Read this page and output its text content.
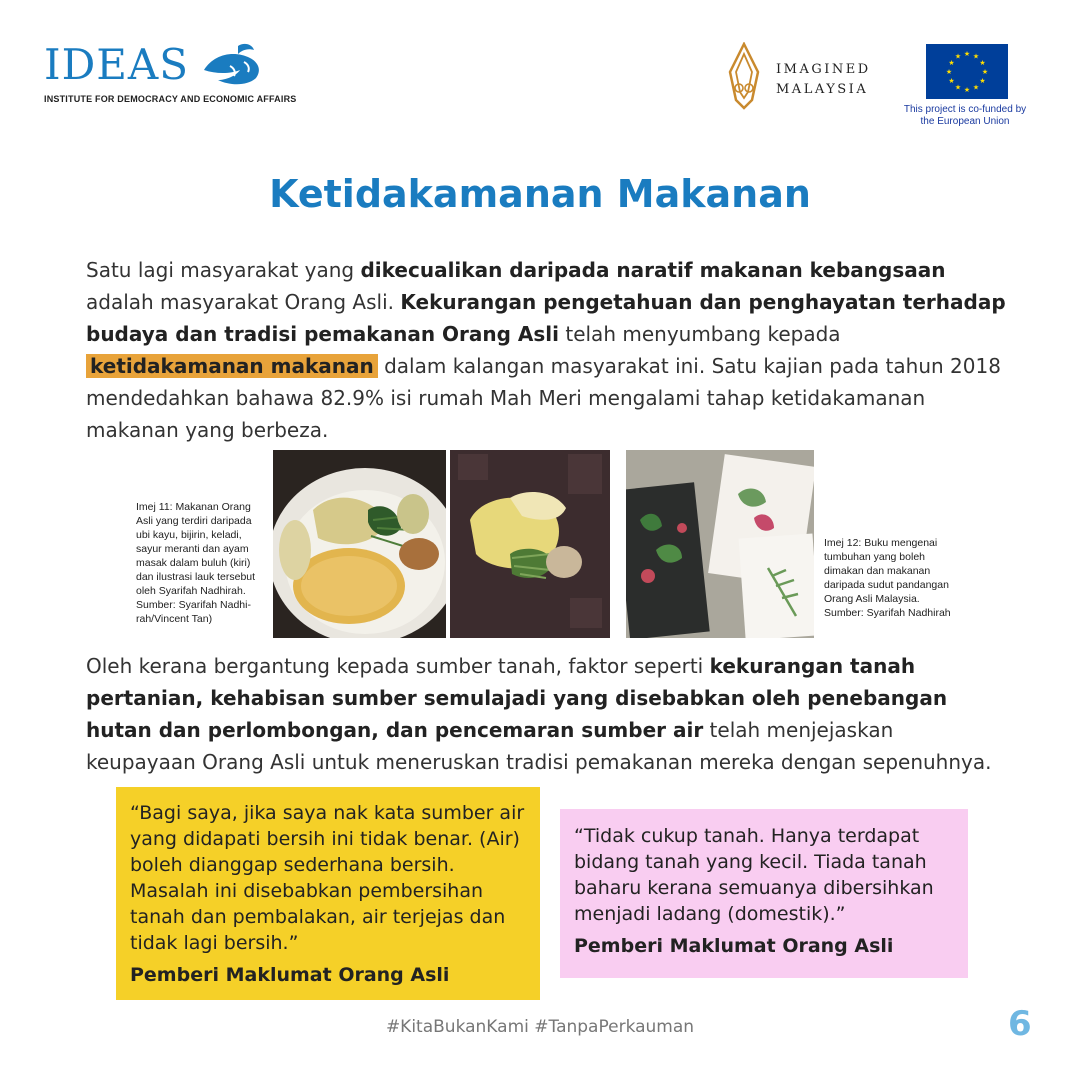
IDEAS
INSTITUTE FOR DEMOCRACY AND ECONOMIC AFFAIRS
IMAGINED
MALAYSIA
★ ★
★
★
★
★
★
★
★
★
★
★
This project is co-funded by
the European Union
Ketidakamanan Makanan
Satu lagi masyarakat yang dikecualikan daripada naratif makanan kebangsaan adalah masyarakat Orang Asli. Kekurangan pengetahuan dan penghayatan terhadap budaya dan tradisi pemakanan Orang Asli telah menyumbang kepada ketidakamanan makanan dalam kalangan masyarakat ini. Satu kajian pada tahun 2018 mendedahkan bahawa 82.9% isi rumah Mah Meri mengalami tahap ketidakamanan makanan yang berbeza.
Imej 11: Makanan Orang Asli yang terdiri daripada ubi kayu, bijirin, keladi, sayur meranti dan ayam masak dalam buluh (kiri) dan ilustrasi lauk tersebut oleh Syarifah Nadhirah. Sumber: Syarifah Nadhi-rah/Vincent Tan)
Imej 12: Buku mengenai tumbuhan yang boleh dimakan dan makanan daripada sudut pandangan Orang Asli Malaysia. Sumber: Syarifah Nadhirah
Oleh kerana bergantung kepada sumber tanah, faktor seperti kekurangan tanah pertanian, kehabisan sumber semulajadi yang disebabkan oleh penebangan hutan dan perlombongan, dan pencemaran sumber air telah menjejaskan keupayaan Orang Asli untuk meneruskan tradisi pemakanan mereka dengan sepenuhnya.
“Bagi saya, jika saya nak kata sumber air yang didapati bersih ini tidak benar. (Air) boleh dianggap sederhana bersih. Masalah ini disebabkan pembersihan tanah dan pembalakan, air terjejas dan tidak lagi bersih.”
Pemberi Maklumat Orang Asli
“Tidak cukup tanah. Hanya terdapat bidang tanah yang kecil. Tiada tanah baharu kerana semuanya dibersihkan menjadi ladang (domestik).”
Pemberi Maklumat Orang Asli
#KitaBukanKami #TanpaPerkauman	6
